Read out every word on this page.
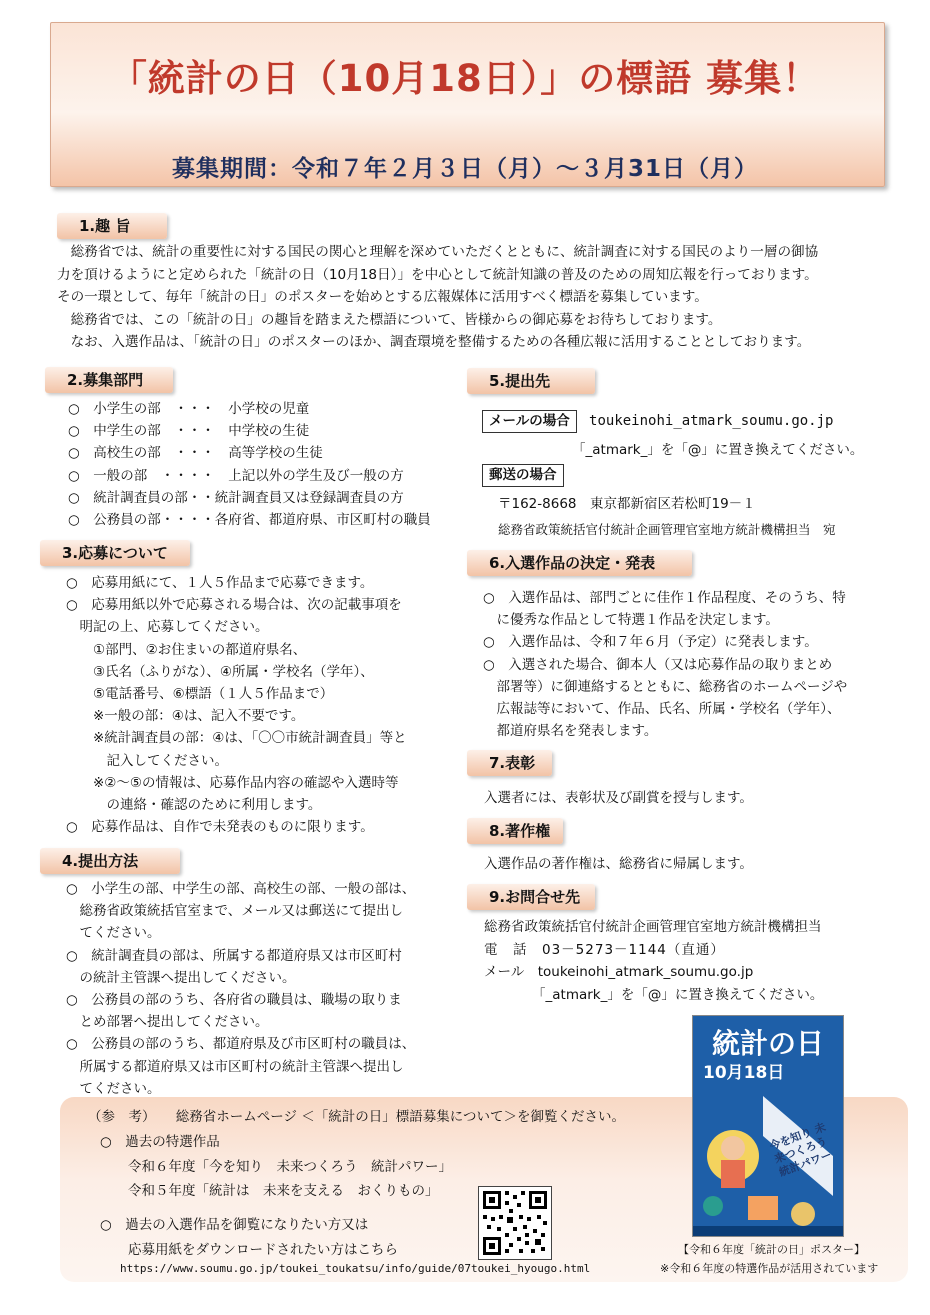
「統計の日（10月18日）」の標語 募集！
募集期間：令和７年２月３日（月）～３月31日（月）
1.趣 旨
　総務省では、統計の重要性に対する国民の関心と理解を深めていただくとともに、統計調査に対する国民のより一層の御協
力を頂けるようにと定められた「統計の日（10月18日）」を中心として統計知識の普及のための周知広報を行っております。
その一環として、毎年「統計の日」のポスターを始めとする広報媒体に活用すべく標語を募集しています。
　総務省では、この「統計の日」の趣旨を踏まえた標語について、皆様からの御応募をお待ちしております。
　なお、入選作品は、「統計の日」のポスターのほか、調査環境を整備するための各種広報に活用することとしております。
2.募集部門
○　小学生の部　・・・　小学校の児童
○　中学生の部　・・・　中学校の生徒
○　高校生の部　・・・　高等学校の生徒
○　一般の部　・・・・　上記以外の学生及び一般の方
○　統計調査員の部・・統計調査員又は登録調査員の方
○　公務員の部・・・・各府省、都道府県、市区町村の職員
3.応募について
○　応募用紙にて、１人５作品まで応募できます。
○　応募用紙以外で応募される場合は、次の記載事項を
　明記の上、応募してください。
　　①部門、②お住まいの都道府県名、
　　③氏名（ふりがな）、④所属・学校名（学年）、
　　⑤電話番号、⑥標語（１人５作品まで）
　　※一般の部：④は、記入不要です。
　　※統計調査員の部：④は、「〇〇市統計調査員」等と
　　　記入してください。
　　※②～⑤の情報は、応募作品内容の確認や入選時等
　　　の連絡・確認のために利用します。
○　応募作品は、自作で未発表のものに限ります。
4.提出方法
○　小学生の部、中学生の部、高校生の部、一般の部は、
　総務省政策統括官室まで、メール又は郵送にて提出し
　てください。
○　統計調査員の部は、所属する都道府県又は市区町村
　の統計主管課へ提出してください。
○　公務員の部のうち、各府省の職員は、職場の取りま
　とめ部署へ提出してください。
○　公務員の部のうち、都道府県及び市区町村の職員は、
　所属する都道府県又は市区町村の統計主管課へ提出し
　てください。
5.提出先
メールの場合 toukeinohi_atmark_soumu.go.jp
「_atmark_」を「@」に置き換えてください。
郵送の場合
〒162-8668　東京都新宿区若松町19－１
総務省政策統括官付統計企画管理官室地方統計機構担当　宛
6.入選作品の決定・発表
○　入選作品は、部門ごとに佳作１作品程度、そのうち、特
　に優秀な作品として特選１作品を決定します。
○　入選作品は、令和７年６月（予定）に発表します。
○　入選された場合、御本人（又は応募作品の取りまとめ
　部署等）に御連絡するとともに、総務省のホームページや
　広報誌等において、作品、氏名、所属・学校名（学年）、
　都道府県名を発表します。
7.表彰
入選者には、表彰状及び副賞を授与します。
8.著作権
入選作品の著作権は、総務省に帰属します。
9.お問合せ先
総務省政策統括官付統計企画管理官室地方統計機構担当
電　話　03－5273－1144（直通）
メール　toukeinohi_atmark_soumu.go.jp
「_atmark_」を「@」に置き換えてください。
（参　考）　　総務省ホームページ ＜「統計の日」標語募集について＞を御覧ください。
○　過去の特選作品
令和６年度「今を知り　未来つくろう　統計パワー」
令和５年度「統計は　未来を支える　おくりもの」
○　過去の入選作品を御覧になりたい方又は
応募用紙をダウンロードされたい方はこちら
https://www.soumu.go.jp/toukei_toukatsu/info/guide/07toukei_hyougo.html
統計の日
10月18日
今を知り 未来つくろう 統計パワー
【令和６年度「統計の日」ポスター】
※令和６年度の特選作品が活用されています
